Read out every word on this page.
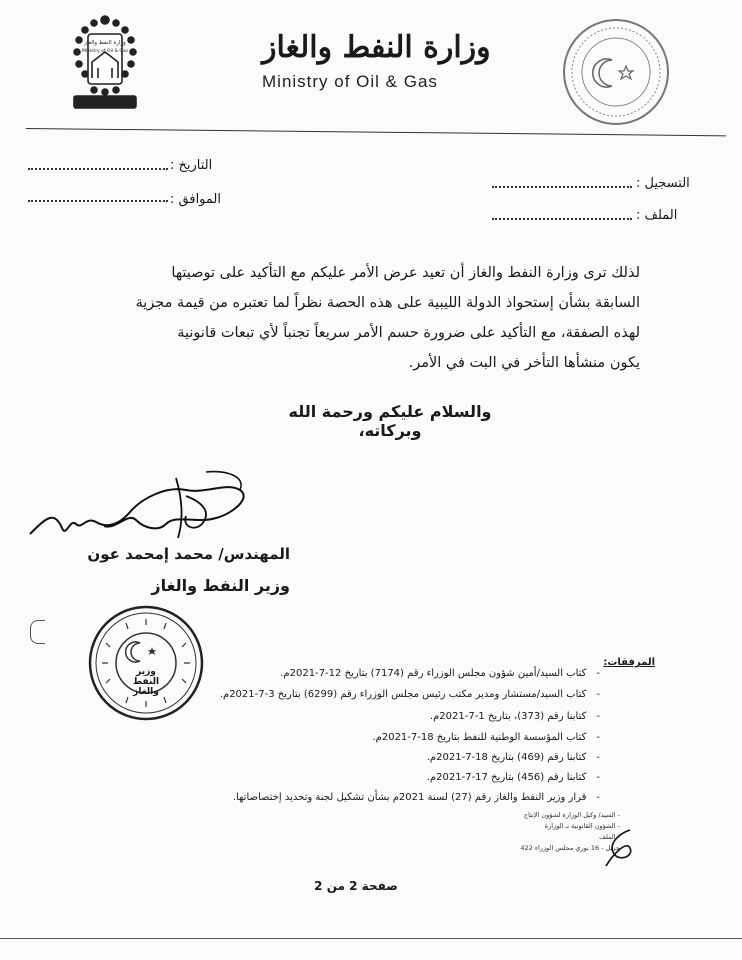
وزارة النفط والغاز
Ministry of Oil & Gas	وزارة النفط والغاز
Ministry of Oil & Gas
التاريخ :
الموافق :
التسجيل :
الملف :
لذلك ترى وزارة النفط والغاز أن تعيد عرض الأمر عليكم مع التأكيد على توصيتها
السابقة بشأن إستحواذ الدولة الليبية على هذه الحصة نظراً لما تعتبره من قيمة مجزية
لهذه الصفقة، مع التأكيد على ضرورة حسم الأمر سريعاً تجنباً لأي تبعات قانونية
يكون منشأها التأخر في البت في الأمر.
والسلام عليكم ورحمة الله وبركاته،
المهندس/ محمد إمحمد عون
وزير النفط والغاز
وزير النفط والغاز
المرفقات:
-كتاب السيد/أمين شؤون مجلس الوزراء رقم (7174) بتاريخ 12-7-2021م.
-كتاب السيد/مستشار ومدير مكتب رئيس مجلس الوزراء رقم (6299) بتاريخ 3-7-2021م.
-كتابنا رقم (373)، بتاريخ 1-7-2021م.
-كتاب المؤسسة الوطنية للنفط بتاريخ 18-7-2021م.
-كتابنا رقم (469) بتاريخ 18-7-2021م.
-كتابنا رقم (456) بتاريخ 17-7-2021م.
-قرار وزير النفط والغاز رقم (27) لسنة 2021م بشأن تشكيل لجنة وتحديد إختصاصاتها.
- السيد/ وكيل الوزارة لشؤون الإنتاج
- الشؤون القانونية بـ الوزارة
- الملف
جزيل - 16 نوري مجلس الوزراء 422
صفحة 2 من 2
